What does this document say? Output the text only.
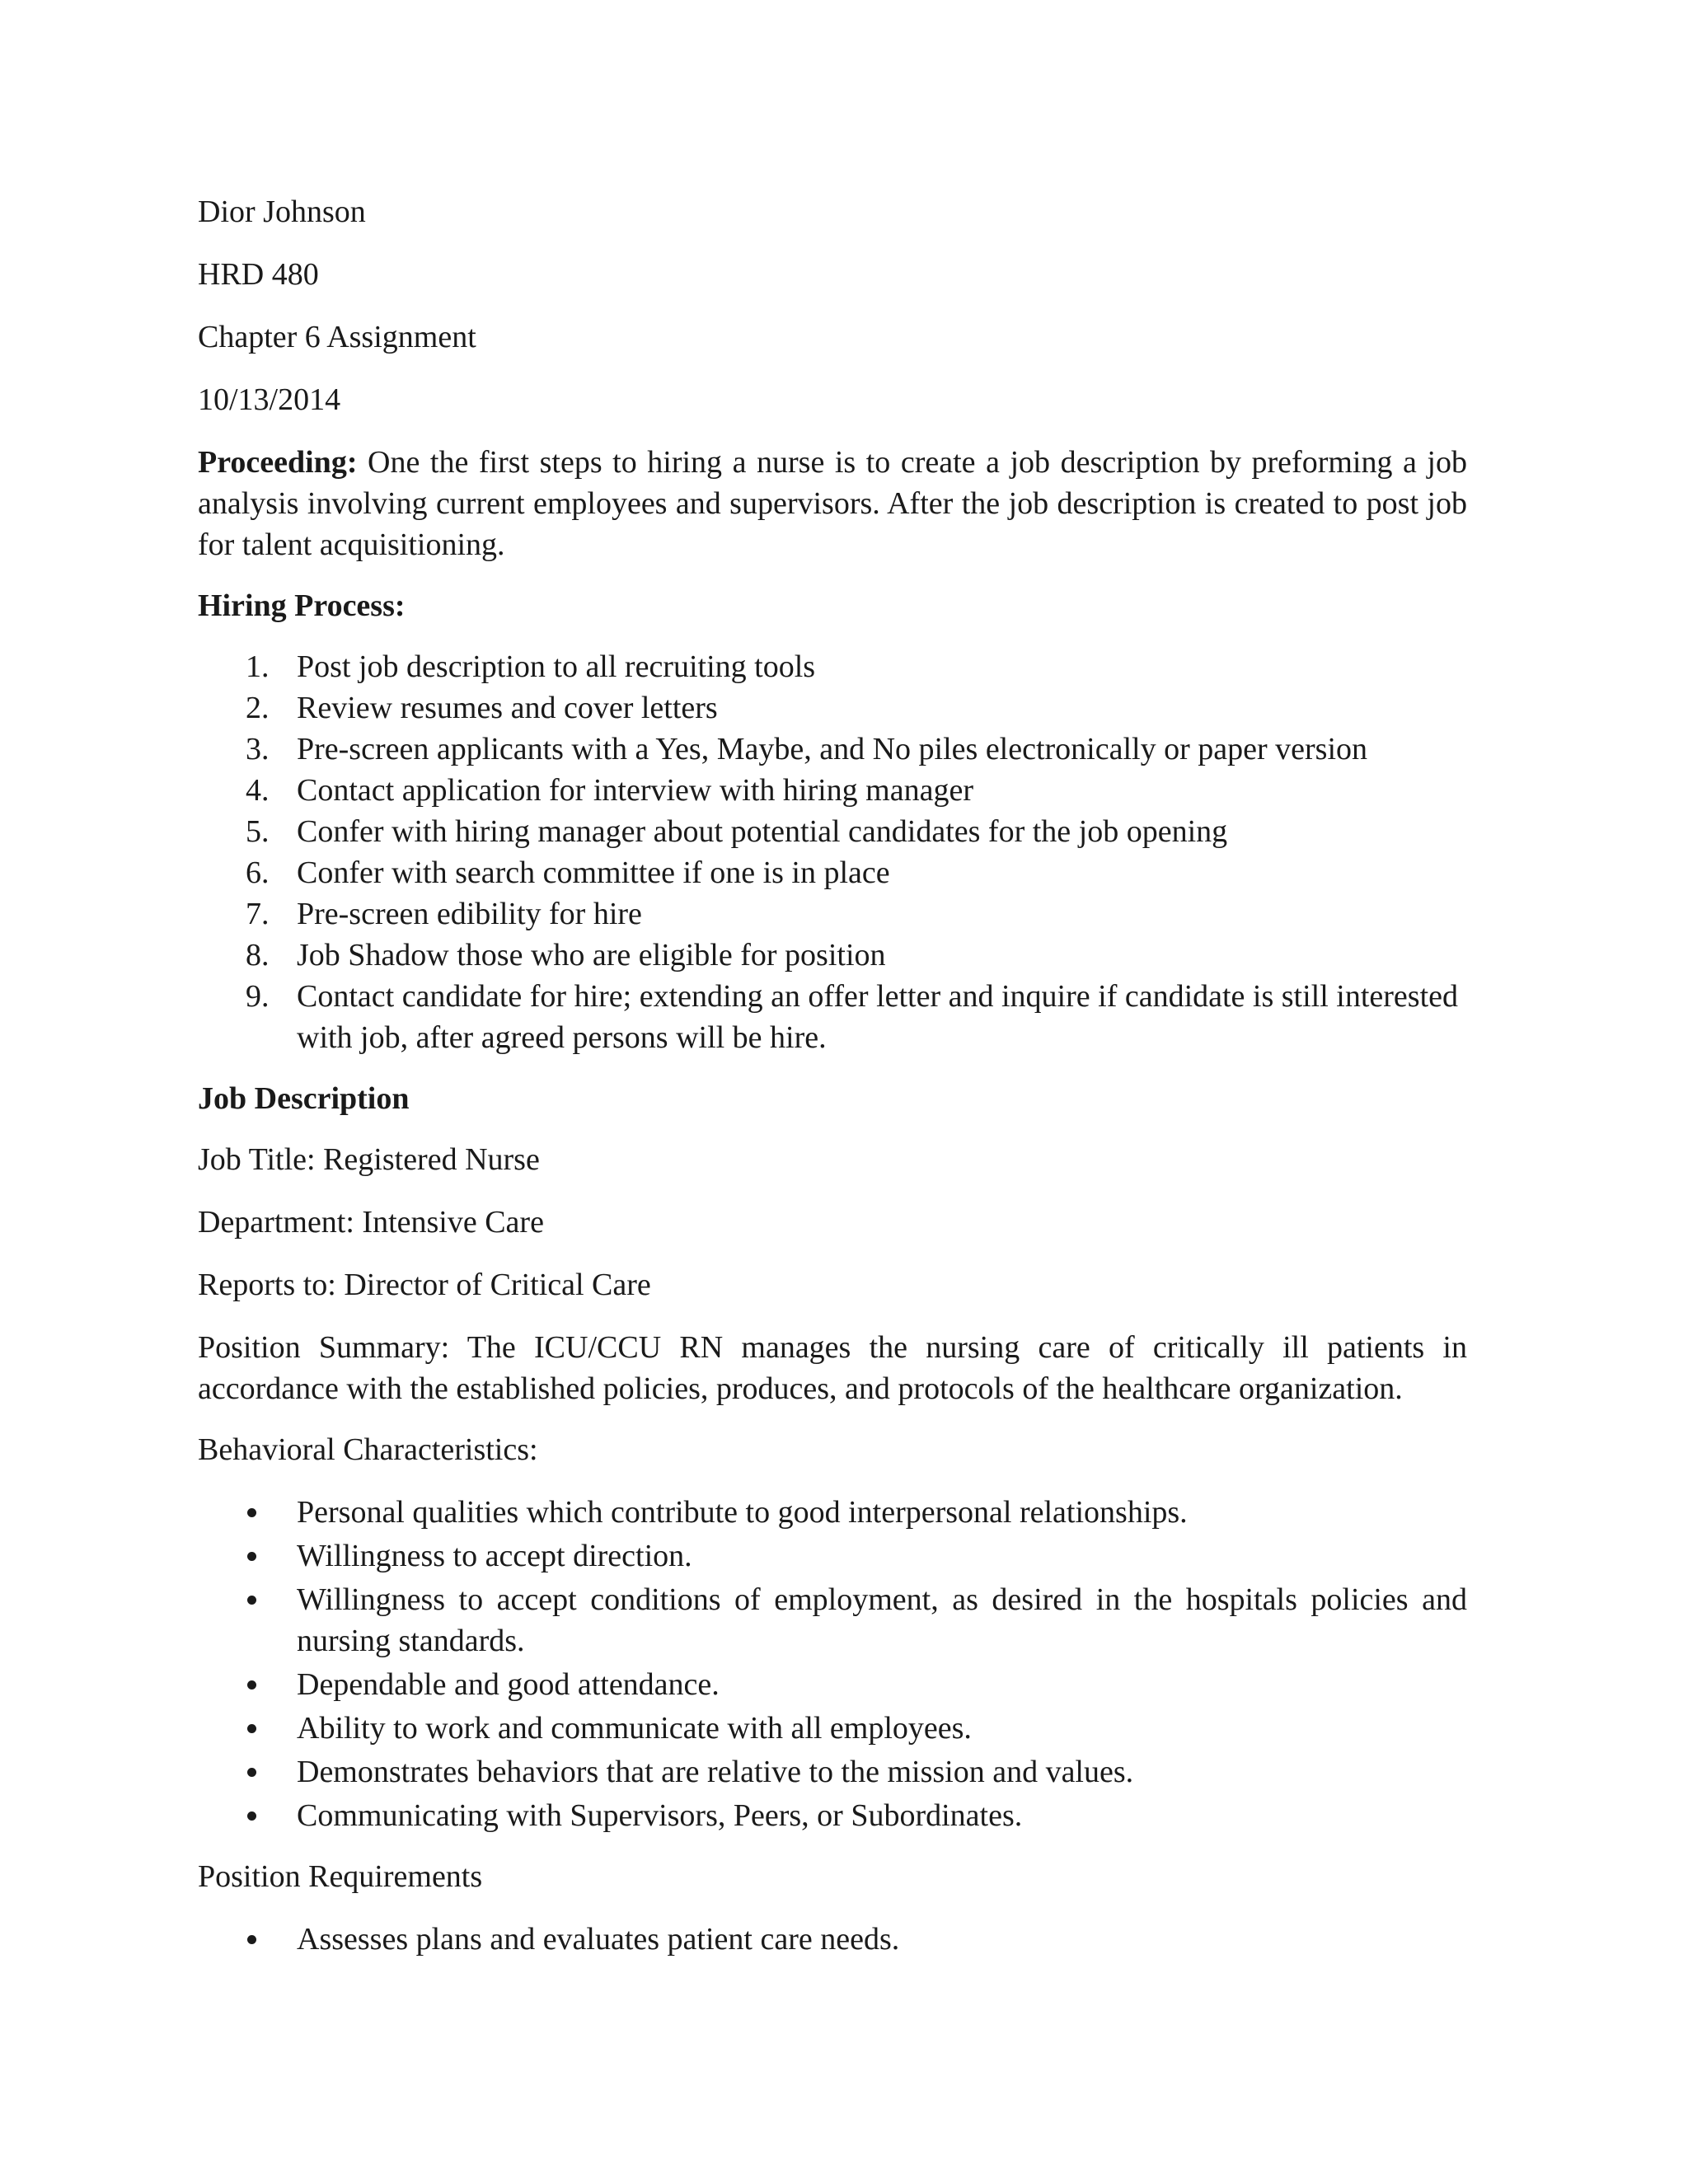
Dior Johnson
HRD 480
Chapter 6 Assignment
10/13/2014

Proceeding: One the first steps to hiring a nurse is to create a job description by preforming a job analysis involving current employees and supervisors. After the job description is created to post job for talent acquisitioning.

Hiring Process:
1. Post job description to all recruiting tools
2. Review resumes and cover letters
3. Pre-screen applicants with a Yes, Maybe, and No piles electronically or paper version
4. Contact application for interview with hiring manager
5. Confer with hiring manager about potential candidates for the job opening
6. Confer with search committee if one is in place
7. Pre-screen edibility for hire
8. Job Shadow those who are eligible for position
9. Contact candidate for hire; extending an offer letter and inquire if candidate is still interested with job, after agreed persons will be hire.
Job Description
Job Title: Registered Nurse
Department: Intensive Care
Reports to: Director of Critical Care

Position Summary: The ICU/CCU RN manages the nursing care of critically ill patients in accordance with the established policies, produces, and protocols of the healthcare organization.

Behavioral Characteristics:
Personal qualities which contribute to good interpersonal relationships.
Willingness to accept direction.
Willingness to accept conditions of employment, as desired in the hospitals policies and nursing standards.
Dependable and good attendance.
Ability to work and communicate with all employees.
Demonstrates behaviors that are relative to the mission and values.
Communicating with Supervisors, Peers, or Subordinates.
Position Requirements
Assesses plans and evaluates patient care needs.
